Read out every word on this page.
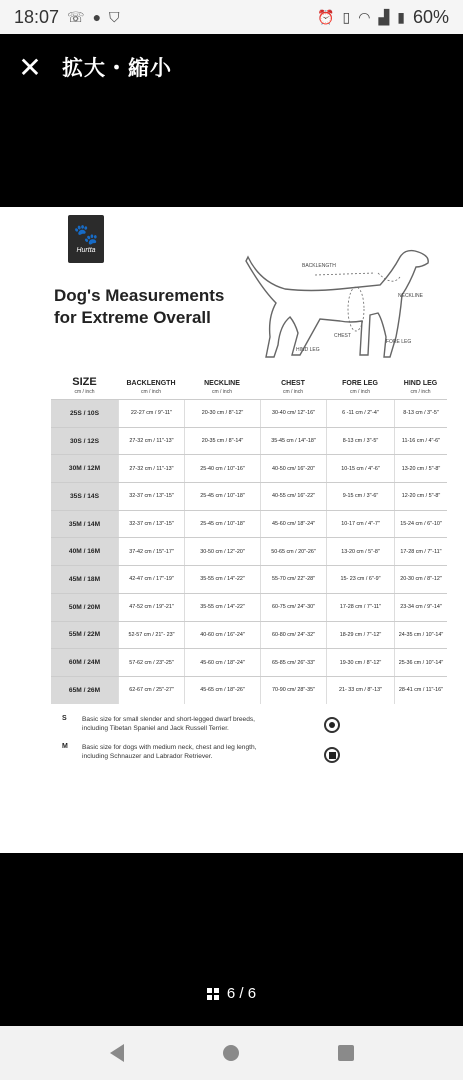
18:07 ☏ ● ⛉	⏰ ▯ ◠ ▟ ▮ 60%
✕ 拡大・縮小
🐾
Hurtta
Dog's Measurements
for Extreme Overall
BACKLENGTH
NECKLINE
CHEST
FORE LEG
HIND LEG
SIZE
cm / inch
BACKLENGTH
cm / inch
NECKLINE
cm / inch
CHEST
cm / inch
FORE LEG
cm / inch
HIND LEG
cm / inch
25S / 10S	22-27 cm / 9"-11"	20-30 cm / 8"-12"	30-40 cm/ 12"-16"	6 -11 cm / 2"-4"	8-13 cm / 3"-5"
30S / 12S	27-32 cm / 11"-13"	20-35 cm / 8"-14"	35-45 cm / 14"-18"	8-13 cm / 3"-5"	11-16 cm / 4"-6"
30M / 12M	27-32 cm / 11"-13"	25-40 cm / 10"-16"	40-50 cm/ 16"-20"	10-15 cm / 4"-6"	13-20 cm / 5"-8"
35S / 14S	32-37 cm / 13"-15"	25-45 cm / 10"-18"	40-55 cm/ 16"-22"	9-15 cm / 3"-6"	12-20 cm / 5"-8"
35M / 14M	32-37 cm / 13"-15"	25-45 cm / 10"-18"	45-60 cm/ 18"-24"	10-17 cm / 4"-7"	15-24 cm / 6"-10"
40M / 16M	37-42 cm / 15"-17"	30-50 cm / 12"-20"	50-65 cm / 20"-26"	13-20 cm / 5"-8"	17-28 cm / 7"-11"
45M / 18M	42-47 cm / 17"-19"	35-55 cm / 14"-22"	55-70 cm/ 22"-28"	15- 23 cm / 6"-9"	20-30 cm / 8"-12"
50M / 20M	47-52 cm / 19"-21"	35-55 cm / 14"-22"	60-75 cm/ 24"-30"	17-28 cm / 7"-11"	23-34 cm / 9"-14"
55M / 22M	52-57 cm / 21"- 23"	40-60 cm / 16"-24"	60-80 cm/ 24"-32"	18-29 cm / 7"-12"	24-35 cm / 10"-14"
60M / 24M	57-62 cm / 23"-25"	45-60 cm / 18"-24"	65-85 cm/ 26"-33"	19-30 cm / 8"-12"	25-36 cm / 10"-14"
65M / 26M	62-67 cm / 25"-27"	45-65 cm / 18"-26"	70-90 cm/ 28"-35"	21- 33 cm / 8"-13"	28-41 cm / 11"-16"
S	Basic size for small slender and short-legged dwarf breeds,
including Tibetan Spaniel and Jack Russell Terrier.
M	Basic size for dogs with medium neck, chest and leg length,
including Schnauzer and Labrador Retriever.
6 / 6
